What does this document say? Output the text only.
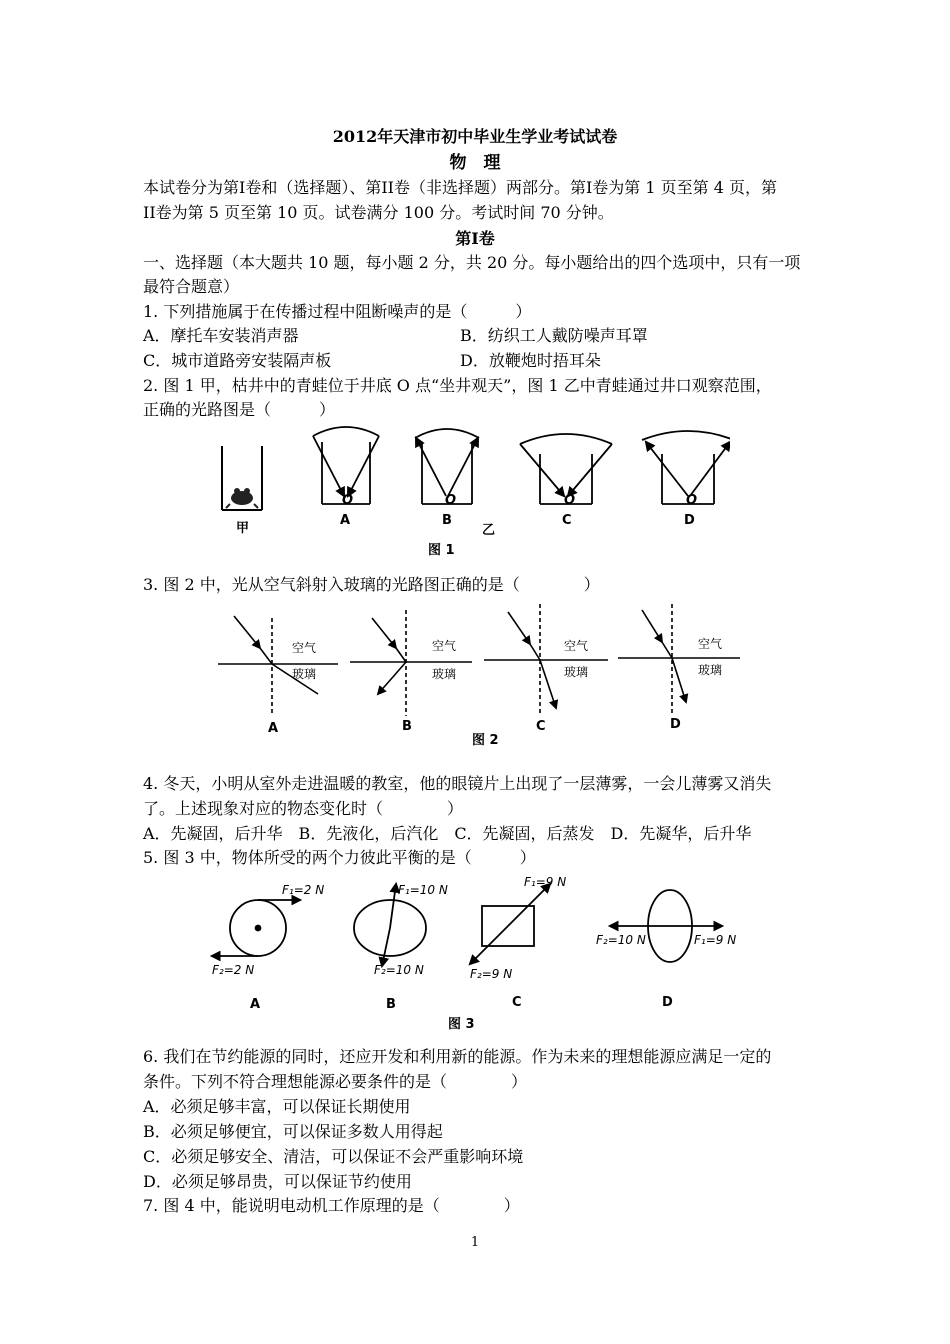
2012年天津市初中毕业生学业考试试卷
物　理
本试卷分为第Ⅰ卷和（选择题）、第II卷（非选择题）两部分。第Ⅰ卷为第 1 页至第 4 页，第
II卷为第 5 页至第 10 页。试卷满分 100 分。考试时间 70 分钟。
第Ⅰ卷
一、选择题（本大题共 10 题，每小题 2 分，共 20 分。每小题给出的四个选项中，只有一项
最符合题意）
1. 下列措施属于在传播过程中阻断噪声的是（　　　）
A．摩托车安装消声器	B．纺织工人戴防噪声耳罩
C．城市道路旁安装隔声板	D．放鞭炮时捂耳朵
2. 图 1 甲，枯井中的青蛙位于井底 O 点“坐井观天”，图 1 乙中青蛙通过井口观察范围，
正确的光路图是（　　　）
甲
O
A
O
B
乙
O
C
O
D
图 1
3. 图 2 中，光从空气斜射入玻璃的光路图正确的是（　　　　）
空气
玻璃
A
空气
玻璃
B
空气
玻璃
C
空气
玻璃
D
图 2
4. 冬天，小明从室外走进温暖的教室，他的眼镜片上出现了一层薄雾，一会儿薄雾又消失
了。上述现象对应的物态变化时（　　　　）
A．先凝固，后升华　B．先液化，后汽化　C．先凝固，后蒸发　D．先凝华，后升华
5. 图 3 中，物体所受的两个力彼此平衡的是（　　　）
F₁=2 N
F₂=2 N
A
F₁=10 N
F₂=10 N
B
F₁=9 N
F₂=9 N
C
F₂=10 N	F₁=9 N
D
图 3
6. 我们在节约能源的同时，还应开发和利用新的能源。作为未来的理想能源应满足一定的
条件。下列不符合理想能源必要条件的是（　　　　）
A．必须足够丰富，可以保证长期使用
B．必须足够便宜，可以保证多数人用得起
C．必须足够安全、清洁，可以保证不会严重影响环境
D．必须足够昂贵，可以保证节约使用
7. 图 4 中，能说明电动机工作原理的是（　　　　）
1
